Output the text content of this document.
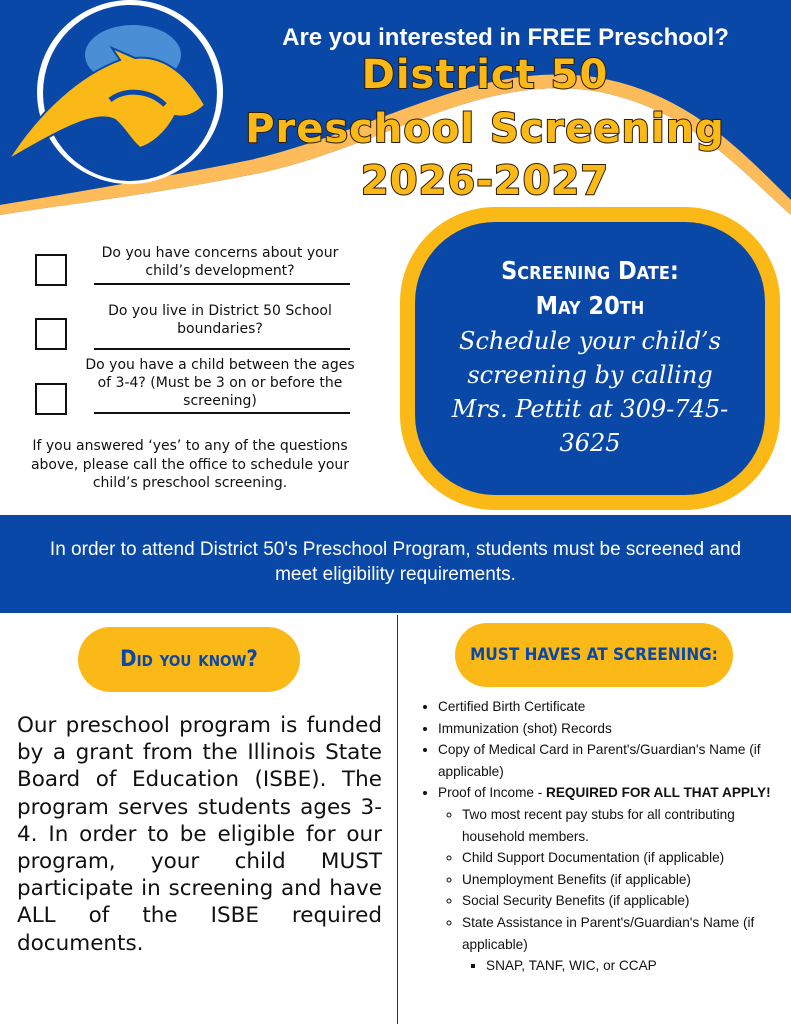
Are you interested in FREE Preschool?
District 50
Preschool Screening
2026-2027
Do you have concerns about your child’s development?
Do you live in District 50 School boundaries?
Do you have a child between the ages of 3-4? (Must be 3 on or before the screening)
If you answered ‘yes’ to any of the questions above, please call the office to schedule your child’s preschool screening.
Screening Date:
May 20th
Schedule your child’s screening by calling Mrs. Pettit at 309-745-3625
In order to attend District 50's Preschool Program, students must be screened and meet eligibility requirements.
Did you know?
Our preschool program is funded by a grant from the Illinois State Board of Education (ISBE). The program serves students ages 3-4. In order to be eligible for our program, your child MUST participate in screening and have ALL of the ISBE required documents.
MUST HAVES AT SCREENING:
• Certified Birth Certificate
• Immunization (shot) Records
• Copy of Medical Card in Parent's/Guardian's Name (if applicable)
• Proof of Income - REQUIRED FOR ALL THAT APPLY!
◦ Two most recent pay stubs for all contributing household members.
◦ Child Support Documentation (if applicable)
◦ Unemployment Benefits (if applicable)
◦ Social Security Benefits (if applicable)
◦ State Assistance in Parent's/Guardian's Name (if applicable)
▪ SNAP, TANF, WIC, or CCAP
